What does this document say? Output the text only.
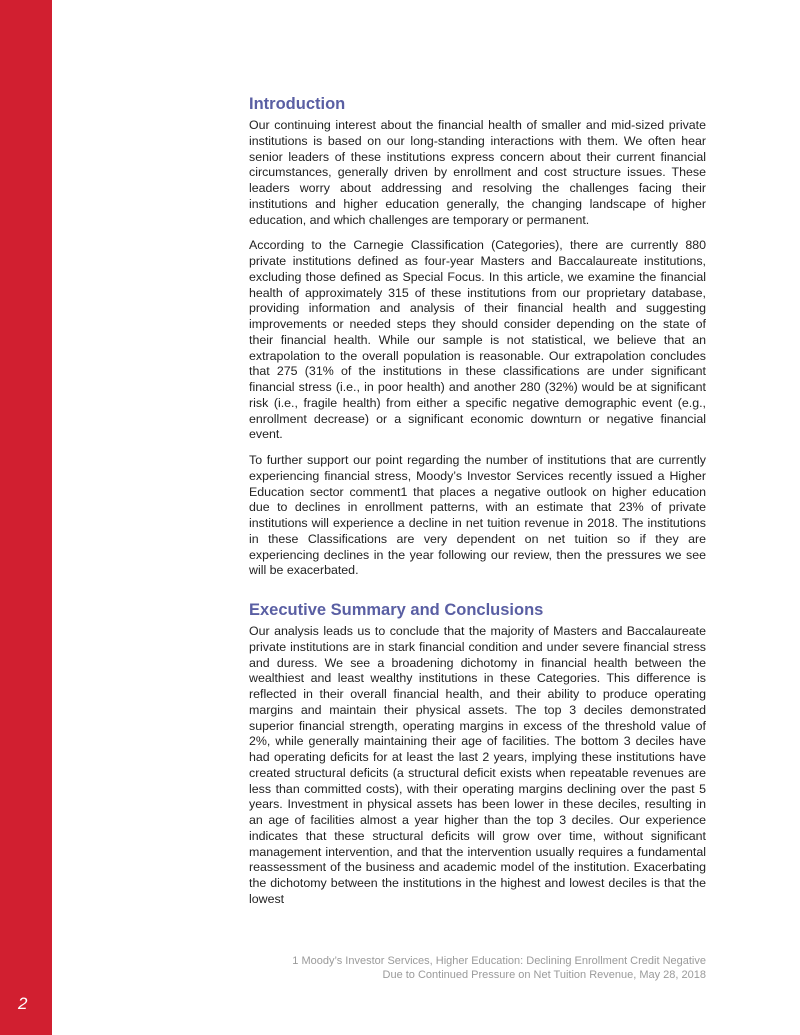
2
Introduction

Our continuing interest about the financial health of smaller and mid-sized private institutions is based on our long-standing interactions with them. We often hear senior leaders of these institutions express concern about their current financial circumstances, generally driven by enrollment and cost structure issues. These leaders worry about addressing and resolving the challenges facing their institutions and higher education generally, the changing landscape of higher education, and which challenges are temporary or permanent.

According to the Carnegie Classification (Categories), there are currently 880 private institutions defined as four-year Masters and Baccalaureate institutions, excluding those defined as Special Focus. In this article, we examine the financial health of approximately 315 of these institutions from our proprietary database, providing information and analysis of their financial health and suggesting improvements or needed steps they should consider depending on the state of their financial health. While our sample is not statistical, we believe that an extrapolation to the overall population is reasonable. Our extrapolation concludes that 275 (31% of the institutions in these classifications are under significant financial stress (i.e., in poor health) and another 280 (32%) would be at significant risk (i.e., fragile health) from either a specific negative demographic event (e.g., enrollment decrease) or a significant economic downturn or negative financial event.

To further support our point regarding the number of institutions that are currently experiencing financial stress, Moody’s Investor Services recently issued a Higher Education sector comment1 that places a negative outlook on higher education due to declines in enrollment patterns, with an estimate that 23% of private institutions will experience a decline in net tuition revenue in 2018. The institutions in these Classifications are very dependent on net tuition so if they are experiencing declines in the year following our review, then the pressures we see will be exacerbated.

Executive Summary and Conclusions

Our analysis leads us to conclude that the majority of Masters and Baccalaureate private institutions are in stark financial condition and under severe financial stress and duress. We see a broadening dichotomy in financial health between the wealthiest and least wealthy institutions in these Categories. This difference is reflected in their overall financial health, and their ability to produce operating margins and maintain their physical assets. The top 3 deciles demonstrated superior financial strength, operating margins in excess of the threshold value of 2%, while generally maintaining their age of facilities. The bottom 3 deciles have had operating deficits for at least the last 2 years, implying these institutions have created structural deficits (a structural deficit exists when repeatable revenues are less than committed costs), with their operating margins declining over the past 5 years. Investment in physical assets has been lower in these deciles, resulting in an age of facilities almost a year higher than the top 3 deciles. Our experience indicates that these structural deficits will grow over time, without significant management intervention, and that the intervention usually requires a fundamental reassessment of the business and academic model of the institution. Exacerbating the dichotomy between the institutions in the highest and lowest deciles is that the lowest

1 Moody’s Investor Services, Higher Education: Declining Enrollment Credit Negative
Due to Continued Pressure on Net Tuition Revenue, May 28, 2018
